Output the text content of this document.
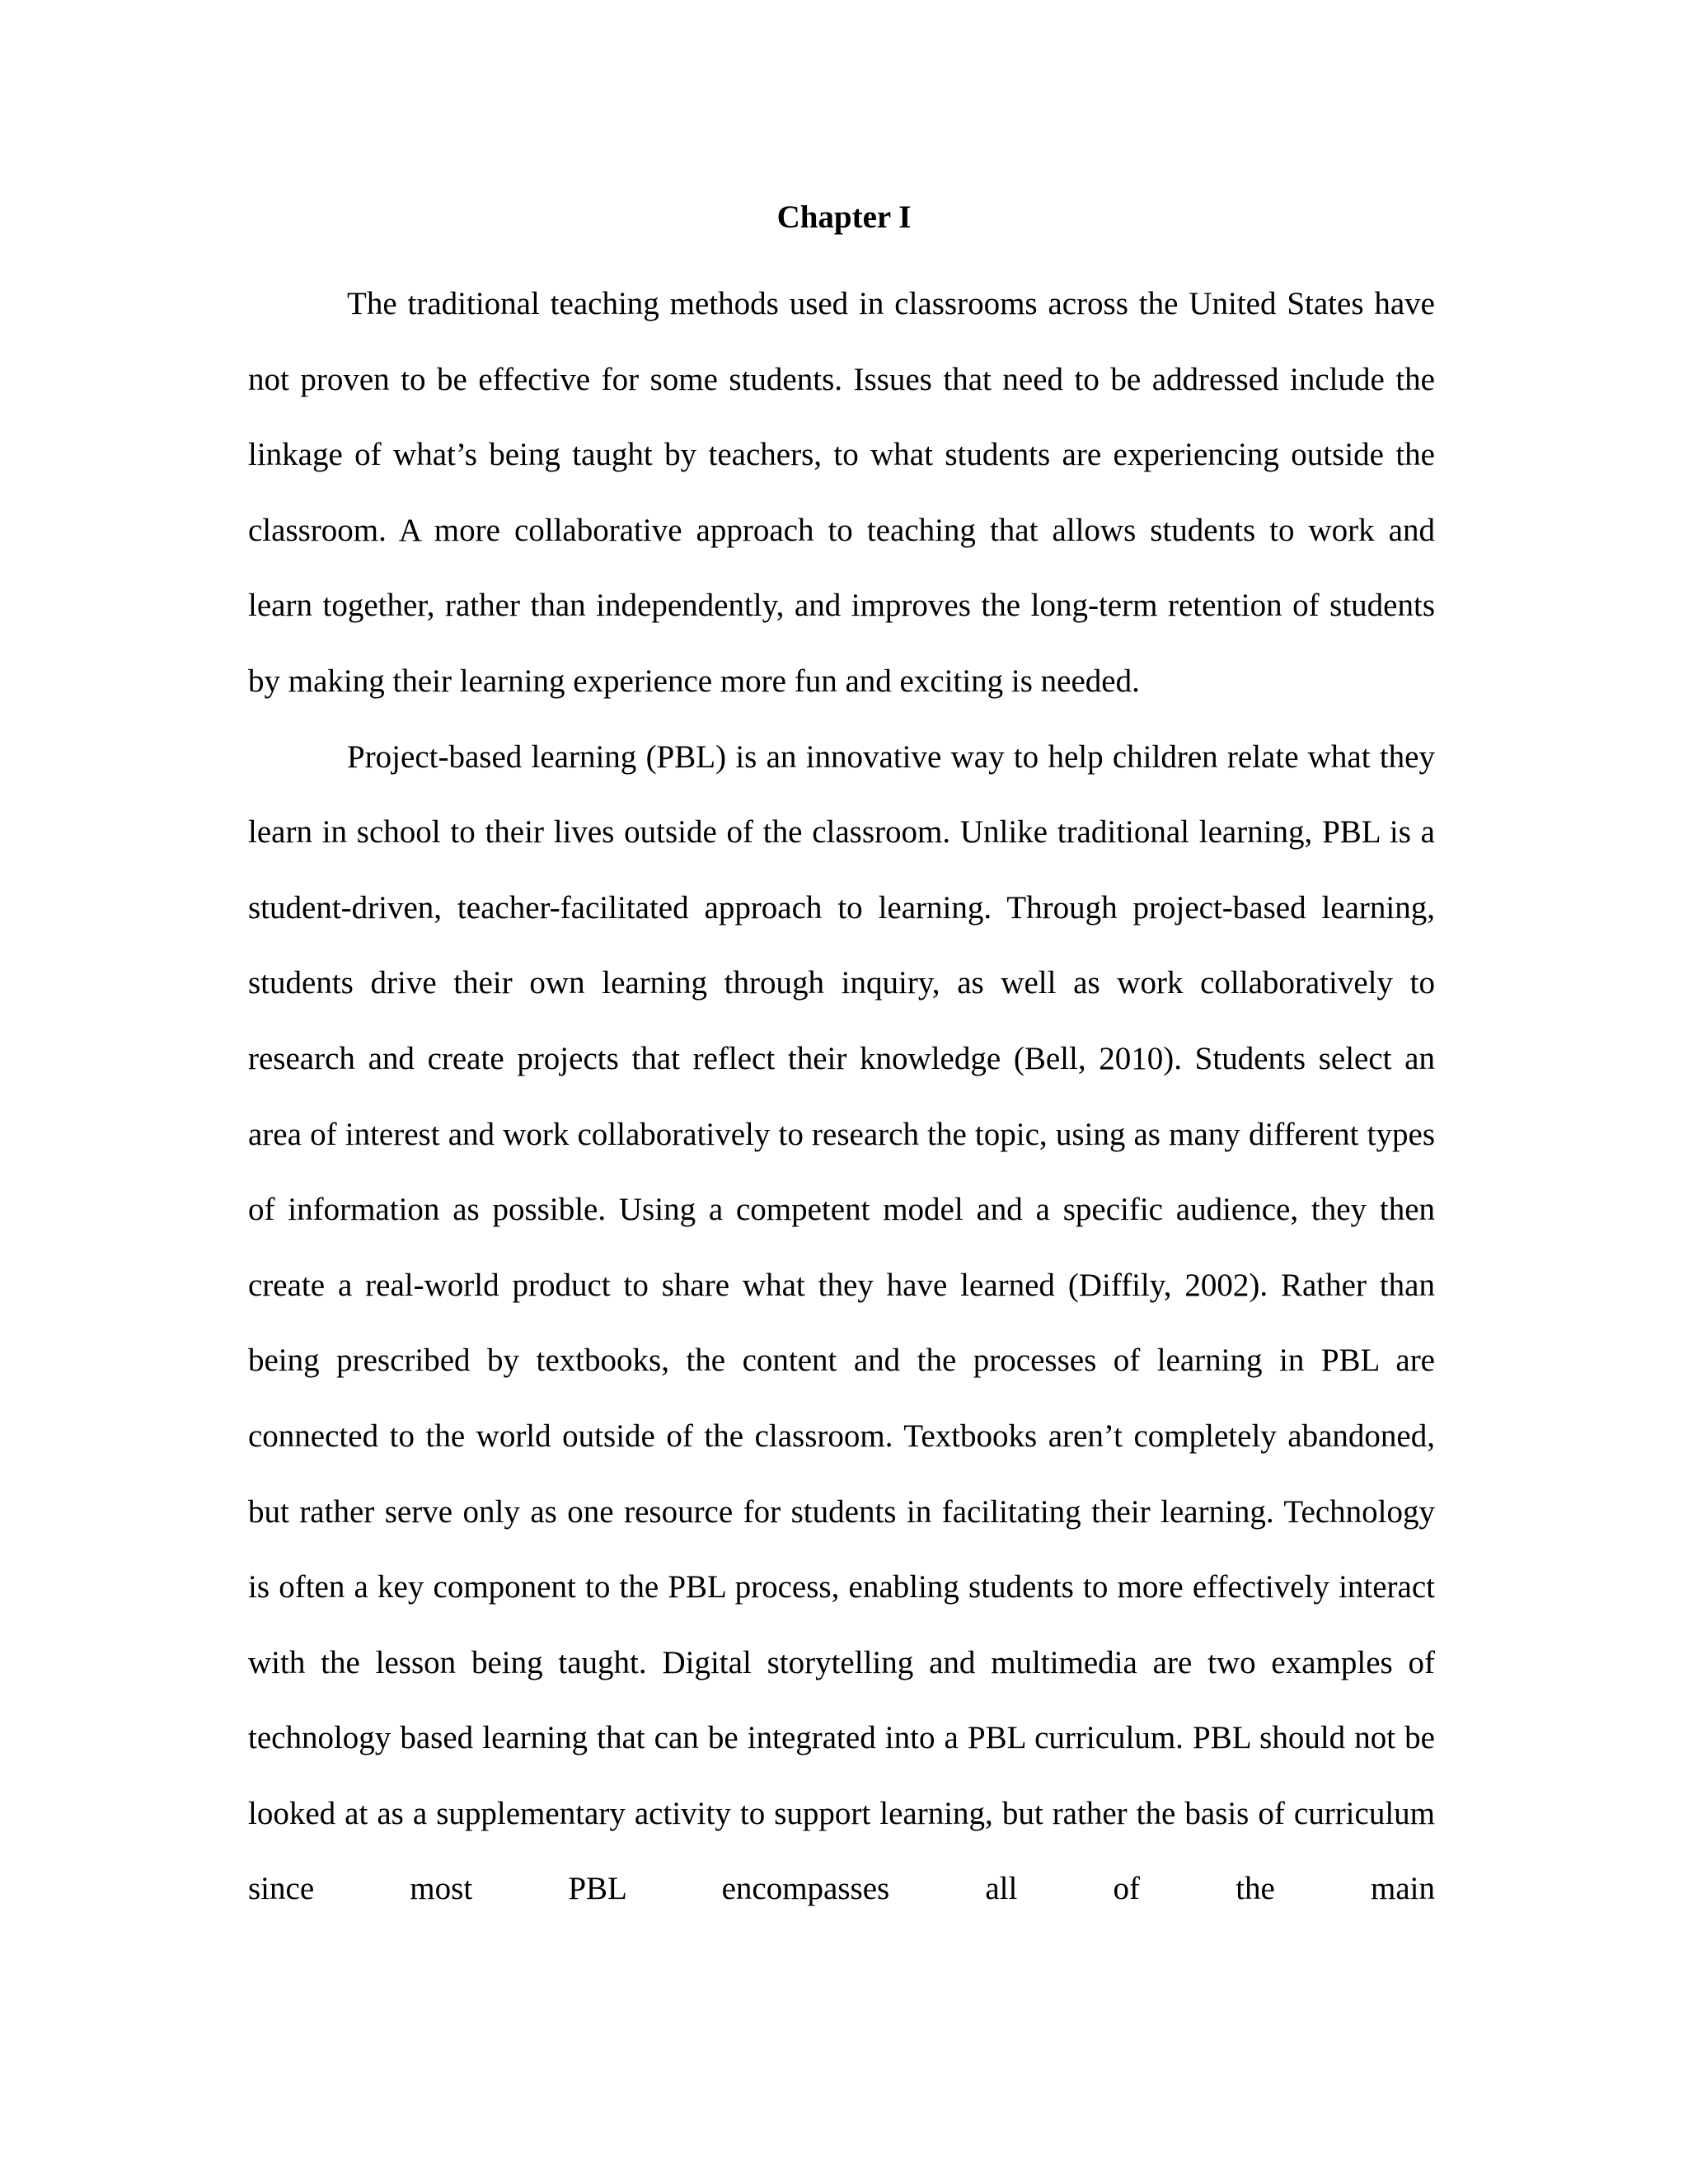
Chapter I

The traditional teaching methods used in classrooms across the United States have not proven to be effective for some students. Issues that need to be addressed include the linkage of what’s being taught by teachers, to what students are experiencing outside the classroom. A more collaborative approach to teaching that allows students to work and learn together, rather than independently, and improves the long-term retention of students by making their learning experience more fun and exciting is needed.

Project-based learning (PBL) is an innovative way to help children relate what they learn in school to their lives outside of the classroom. Unlike traditional learning, PBL is a student-driven, teacher-facilitated approach to learning. Through project-based learning, students drive their own learning through inquiry, as well as work collaboratively to research and create projects that reflect their knowledge (Bell, 2010). Students select an area of interest and work collaboratively to research the topic, using as many different types of information as possible. Using a competent model and a specific audience, they then create a real-world product to share what they have learned (Diffily, 2002). Rather than being prescribed by textbooks, the content and the processes of learning in PBL are connected to the world outside of the classroom. Textbooks aren’t completely abandoned, but rather serve only as one resource for students in facilitating their learning. Technology is often a key component to the PBL process, enabling students to more effectively interact with the lesson being taught. Digital storytelling and multimedia are two examples of technology based learning that can be integrated into a PBL curriculum. PBL should not be looked at as a supplementary activity to support learning, but rather the basis of curriculum since most PBL encompasses all of the main
